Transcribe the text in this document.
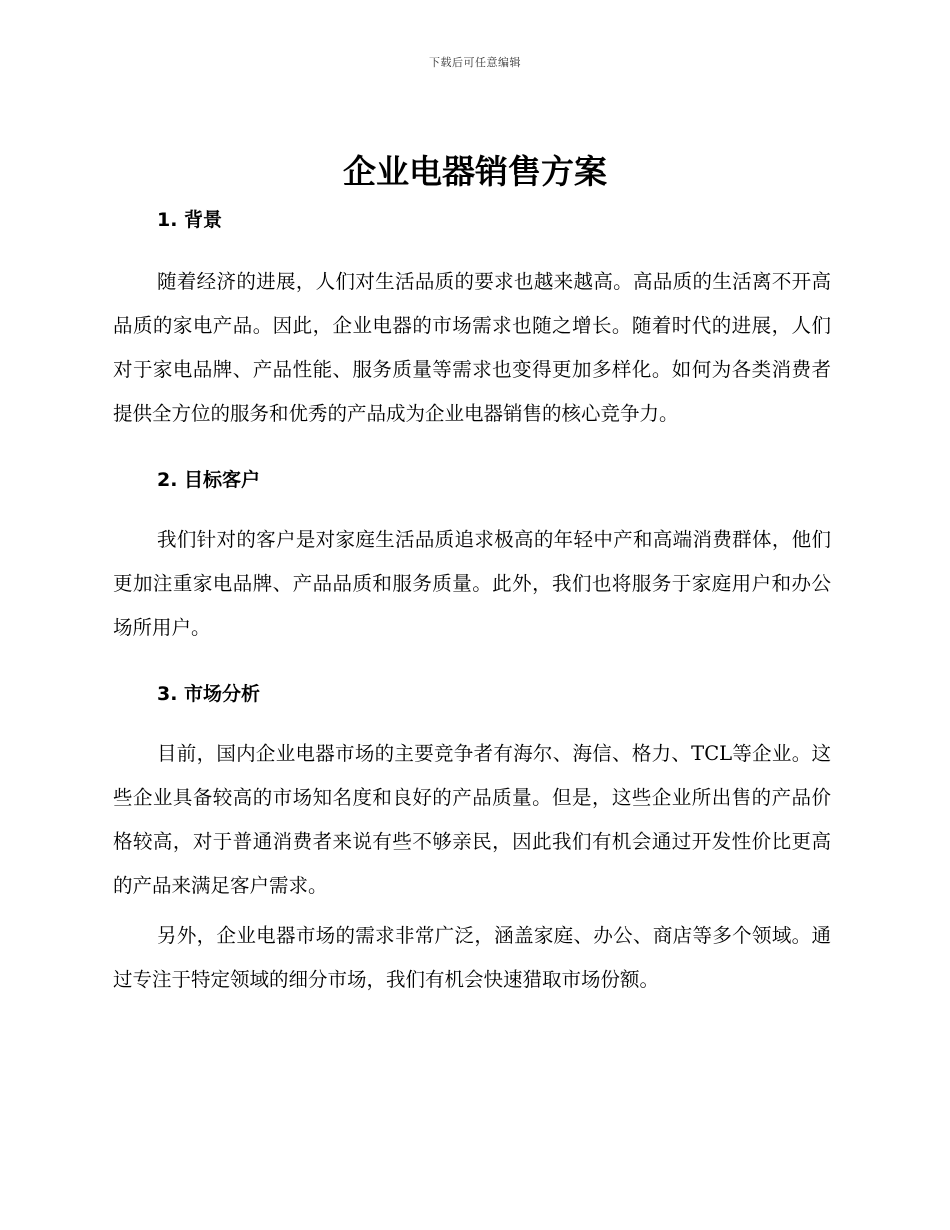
下载后可任意编辑
企业电器销售方案
1. 背景

随着经济的进展，人们对生活品质的要求也越来越高。高品质的生活离不开高品质的家电产品。因此，企业电器的市场需求也随之增长。随着时代的进展，人们对于家电品牌、产品性能、服务质量等需求也变得更加多样化。如何为各类消费者提供全方位的服务和优秀的产品成为企业电器销售的核心竞争力。

2. 目标客户

我们针对的客户是对家庭生活品质追求极高的年轻中产和高端消费群体，他们更加注重家电品牌、产品品质和服务质量。此外，我们也将服务于家庭用户和办公场所用户。

3. 市场分析

目前，国内企业电器市场的主要竞争者有海尔、海信、格力、TCL等企业。这些企业具备较高的市场知名度和良好的产品质量。但是，这些企业所出售的产品价格较高，对于普通消费者来说有些不够亲民，因此我们有机会通过开发性价比更高的产品来满足客户需求。

另外，企业电器市场的需求非常广泛，涵盖家庭、办公、商店等多个领域。通过专注于特定领域的细分市场，我们有机会快速猎取市场份额。
